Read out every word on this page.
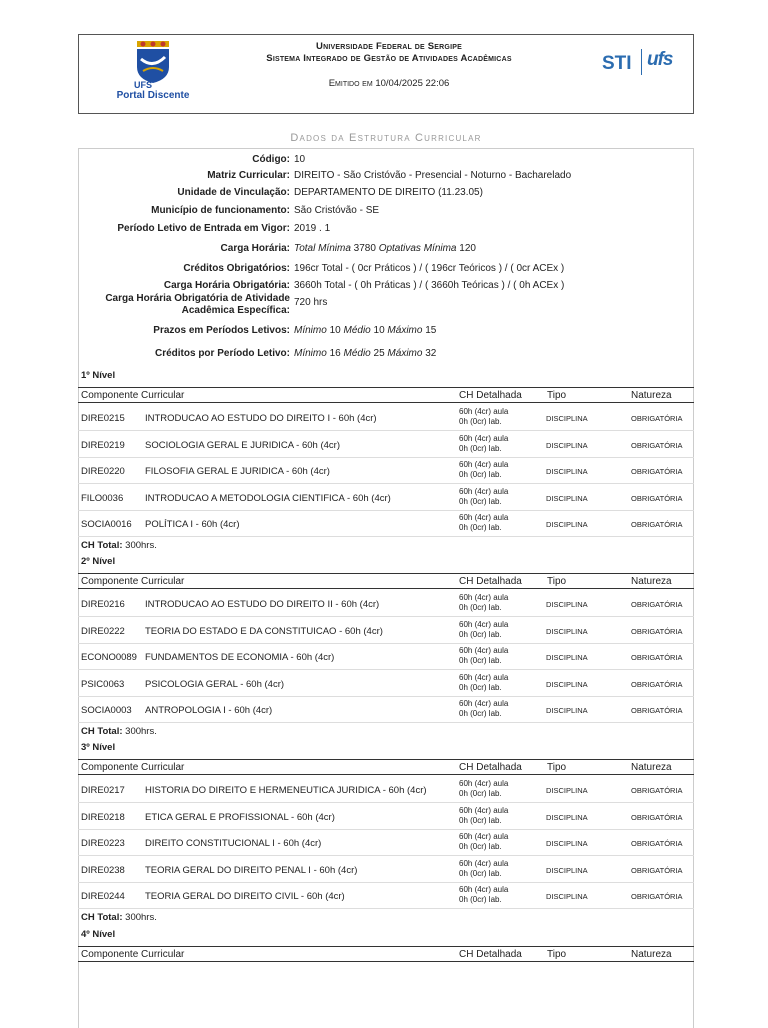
UFS
Portal Discente
Universidade Federal de Sergipe
Sistema Integrado de Gestão de Atividades Acadêmicas
Emitido em 10/04/2025 22:06
STI ufs
Dados da Estrutura Curricular
Código: 10
Matriz Curricular: DIREITO - São Cristóvão - Presencial - Noturno - Bacharelado
Unidade de Vinculação: DEPARTAMENTO DE DIREITO (11.23.05)
Município de funcionamento: São Cristóvão - SE
Período Letivo de Entrada em Vigor: 2019 . 1
Carga Horária: Total Mínima 3780 Optativas Mínima 120
Créditos Obrigatórios: 196cr Total - ( 0cr Práticos ) / ( 196cr Teóricos ) / ( 0cr ACEx )
Carga Horária Obrigatória: 3660h Total - ( 0h Práticas ) / ( 3660h Teóricas ) / ( 0h ACEx )
Carga Horária Obrigatória de Atividade
Acadêmica Específica:
720 hrs
Prazos em Períodos Letivos: Mínimo 10 Médio 10 Máximo 15
Créditos por Período Letivo: Mínimo 16 Médio 25 Máximo 32
1º Nível
Componente Curricular	CH Detalhada	Tipo	Natureza
DIRE0215 INTRODUCAO AO ESTUDO DO DIREITO I - 60h (4cr)
60h (4cr) aula
0h (0cr) lab.	DISCIPLINA	OBRIGATÓRIA
DIRE0219 SOCIOLOGIA GERAL E JURIDICA - 60h (4cr)
60h (4cr) aula
0h (0cr) lab.	DISCIPLINA	OBRIGATÓRIA
DIRE0220 FILOSOFIA GERAL E JURIDICA - 60h (4cr)
60h (4cr) aula
0h (0cr) lab.	DISCIPLINA	OBRIGATÓRIA
FILO0036 INTRODUCAO A METODOLOGIA CIENTIFICA - 60h (4cr)
60h (4cr) aula
0h (0cr) lab.	DISCIPLINA	OBRIGATÓRIA
SOCIA0016 POLÍTICA I - 60h (4cr)
60h (4cr) aula
0h (0cr) lab.	DISCIPLINA	OBRIGATÓRIA
CH Total: 300hrs.
2º Nível
Componente Curricular	CH Detalhada	Tipo	Natureza
DIRE0216 INTRODUCAO AO ESTUDO DO DIREITO II - 60h (4cr)
60h (4cr) aula
0h (0cr) lab.	DISCIPLINA	OBRIGATÓRIA
DIRE0222 TEORIA DO ESTADO E DA CONSTITUICAO - 60h (4cr)
60h (4cr) aula
0h (0cr) lab.	DISCIPLINA	OBRIGATÓRIA
ECONO0089 FUNDAMENTOS DE ECONOMIA - 60h (4cr)
60h (4cr) aula
0h (0cr) lab.	DISCIPLINA	OBRIGATÓRIA
PSIC0063 PSICOLOGIA GERAL - 60h (4cr)
60h (4cr) aula
0h (0cr) lab.	DISCIPLINA	OBRIGATÓRIA
SOCIA0003 ANTROPOLOGIA I - 60h (4cr)
60h (4cr) aula
0h (0cr) lab.	DISCIPLINA	OBRIGATÓRIA
CH Total: 300hrs.
3º Nível
Componente Curricular	CH Detalhada	Tipo	Natureza
DIRE0217 HISTORIA DO DIREITO E HERMENEUTICA JURIDICA - 60h (4cr)
60h (4cr) aula
0h (0cr) lab.	DISCIPLINA	OBRIGATÓRIA
DIRE0218 ETICA GERAL E PROFISSIONAL - 60h (4cr)
60h (4cr) aula
0h (0cr) lab.	DISCIPLINA	OBRIGATÓRIA
DIRE0223 DIREITO CONSTITUCIONAL I - 60h (4cr)
60h (4cr) aula
0h (0cr) lab.	DISCIPLINA	OBRIGATÓRIA
DIRE0238 TEORIA GERAL DO DIREITO PENAL I - 60h (4cr)
60h (4cr) aula
0h (0cr) lab.	DISCIPLINA	OBRIGATÓRIA
DIRE0244 TEORIA GERAL DO DIREITO CIVIL - 60h (4cr)
60h (4cr) aula
0h (0cr) lab.	DISCIPLINA	OBRIGATÓRIA
CH Total: 300hrs.
4º Nível
Componente Curricular	CH Detalhada	Tipo	Natureza
